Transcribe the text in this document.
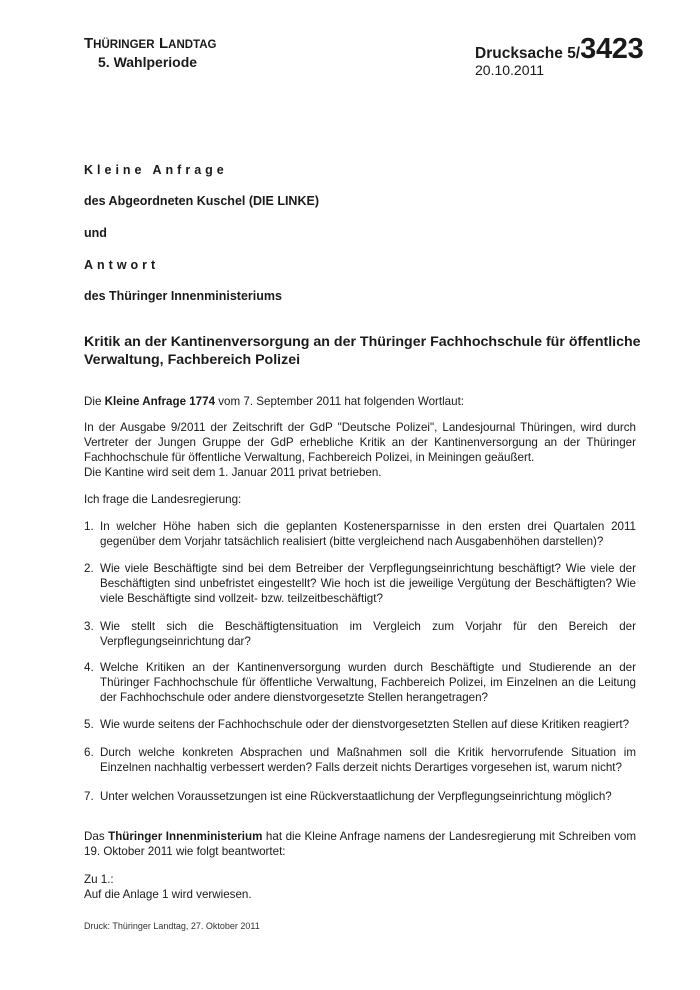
THÜRINGER LANDTAG
5. Wahlperiode	Drucksache 5/3423
20.10.2011
Kleine Anfrage
des Abgeordneten Kuschel (DIE LINKE)
und
Antwort
des Thüringer Innenministeriums
Kritik an der Kantinenversorgung an der Thüringer Fachhochschule für öffentliche Verwaltung, Fachbereich Polizei
Die Kleine Anfrage 1774 vom 7. September 2011 hat folgenden Wortlaut:
In der Ausgabe 9/2011 der Zeitschrift der GdP "Deutsche Polizei", Landesjournal Thüringen, wird durch Vertreter der Jungen Gruppe der GdP erhebliche Kritik an der Kantinenversorgung an der Thüringer Fachhochschule für öffentliche Verwaltung, Fachbereich Polizei, in Meiningen geäußert.
Die Kantine wird seit dem 1. Januar 2011 privat betrieben.
Ich frage die Landesregierung:
1. In welcher Höhe haben sich die geplanten Kostenersparnisse in den ersten drei Quartalen 2011 gegenüber dem Vorjahr tatsächlich realisiert (bitte vergleichend nach Ausgabenhöhen darstellen)?
2. Wie viele Beschäftigte sind bei dem Betreiber der Verpflegungseinrichtung beschäftigt? Wie viele der Beschäftigten sind unbefristet eingestellt? Wie hoch ist die jeweilige Vergütung der Beschäftigten? Wie viele Beschäftigte sind vollzeit- bzw. teilzeitbeschäftigt?
3. Wie stellt sich die Beschäftigtensituation im Vergleich zum Vorjahr für den Bereich der Verpflegungseinrichtung dar?
4. Welche Kritiken an der Kantinenversorgung wurden durch Beschäftigte und Studierende an der Thüringer Fachhochschule für öffentliche Verwaltung, Fachbereich Polizei, im Einzelnen an die Leitung der Fachhochschule oder andere dienstvorgesetzte Stellen herangetragen?
5. Wie wurde seitens der Fachhochschule oder der dienstvorgesetzten Stellen auf diese Kritiken reagiert?
6. Durch welche konkreten Absprachen und Maßnahmen soll die Kritik hervorrufende Situation im Einzelnen nachhaltig verbessert werden? Falls derzeit nichts Derartiges vorgesehen ist, warum nicht?
7. Unter welchen Voraussetzungen ist eine Rückverstaatlichung der Verpflegungseinrichtung möglich?
Das Thüringer Innenministerium hat die Kleine Anfrage namens der Landesregierung mit Schreiben vom 19. Oktober 2011 wie folgt beantwortet:
Zu 1.:
Auf die Anlage 1 wird verwiesen.
Druck: Thüringer Landtag, 27. Oktober 2011
